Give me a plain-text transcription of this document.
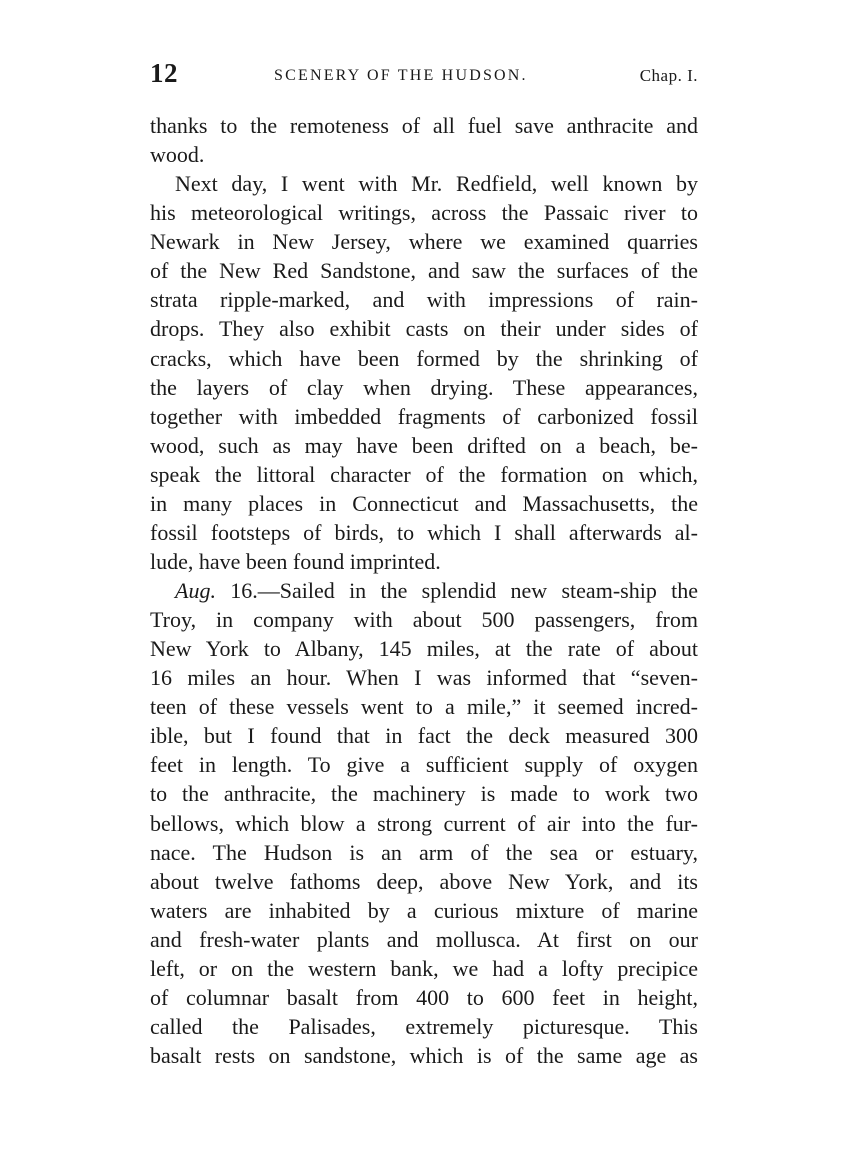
12	SCENERY OF THE HUDSON.	Chap. I.
thanks to the remoteness of all fuel save anthracite and
wood.
Next day, I went with Mr. Redfield, well known by
his meteorological writings, across the Passaic river to
Newark in New Jersey, where we examined quarries
of the New Red Sandstone, and saw the surfaces of the
strata ripple-marked, and with impressions of rain-
drops. They also exhibit casts on their under sides of
cracks, which have been formed by the shrinking of
the layers of clay when drying. These appearances,
together with imbedded fragments of carbonized fossil
wood, such as may have been drifted on a beach, be-
speak the littoral character of the formation on which,
in many places in Connecticut and Massachusetts, the
fossil footsteps of birds, to which I shall afterwards al-
lude, have been found imprinted.
Aug. 16.—Sailed in the splendid new steam-ship the
Troy, in company with about 500 passengers, from
New York to Albany, 145 miles, at the rate of about
16 miles an hour. When I was informed that “seven-
teen of these vessels went to a mile,” it seemed incred-
ible, but I found that in fact the deck measured 300
feet in length. To give a sufficient supply of oxygen
to the anthracite, the machinery is made to work two
bellows, which blow a strong current of air into the fur-
nace. The Hudson is an arm of the sea or estuary,
about twelve fathoms deep, above New York, and its
waters are inhabited by a curious mixture of marine
and fresh-water plants and mollusca. At first on our
left, or on the western bank, we had a lofty precipice
of columnar basalt from 400 to 600 feet in height,
called the Palisades, extremely picturesque. This
basalt rests on sandstone, which is of the same age as
